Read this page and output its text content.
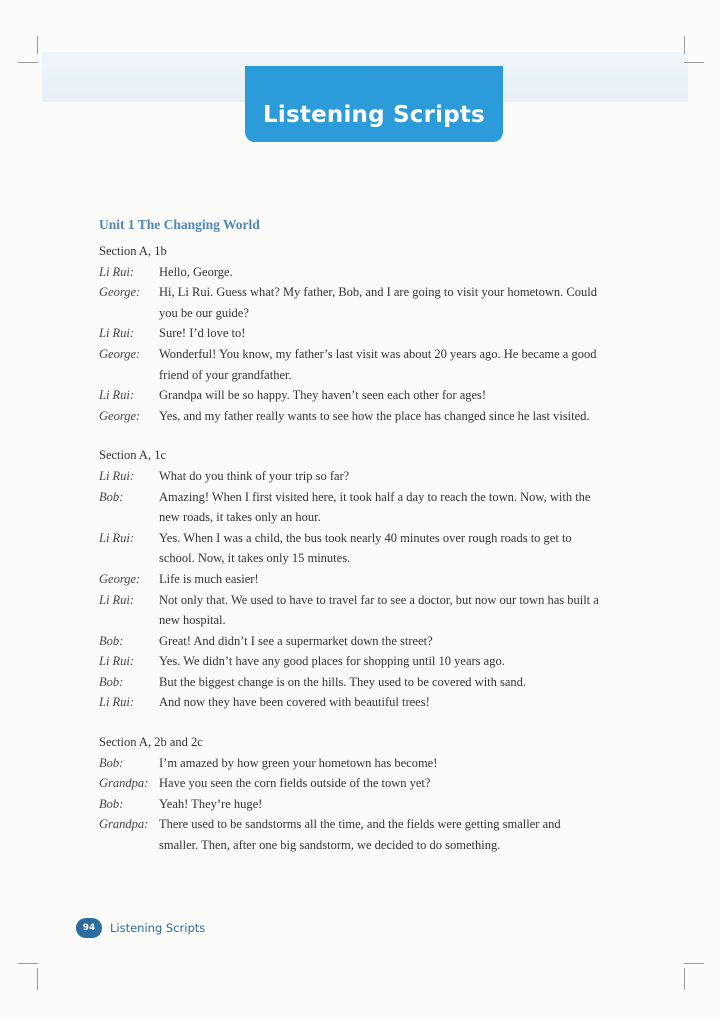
Listening Scripts
Unit 1 The Changing World
Section A, 1b
Li Rui:	Hello, George.
George:	Hi, Li Rui. Guess what? My father, Bob, and I are going to visit your hometown. Could you be our guide?
Li Rui:	Sure! I’d love to!
George:	Wonderful! You know, my father’s last visit was about 20 years ago. He became a good friend of your grandfather.
Li Rui:	Grandpa will be so happy. They haven’t seen each other for ages!
George:	Yes, and my father really wants to see how the place has changed since he last visited.
Section A, 1c
Li Rui:	What do you think of your trip so far?
Bob:	Amazing! When I first visited here, it took half a day to reach the town. Now, with the new roads, it takes only an hour.
Li Rui:	Yes. When I was a child, the bus took nearly 40 minutes over rough roads to get to school. Now, it takes only 15 minutes.
George:	Life is much easier!
Li Rui:	Not only that. We used to have to travel far to see a doctor, but now our town has built a new hospital.
Bob:	Great! And didn’t I see a supermarket down the street?
Li Rui:	Yes. We didn’t have any good places for shopping until 10 years ago.
Bob:	But the biggest change is on the hills. They used to be covered with sand.
Li Rui:	And now they have been covered with beautiful trees!
Section A, 2b and 2c
Bob:	I’m amazed by how green your hometown has become!
Grandpa: Have you seen the corn fields outside of the town yet?
Bob:	Yeah! They’re huge!
Grandpa: There used to be sandstorms all the time, and the fields were getting smaller and smaller. Then, after one big sandstorm, we decided to do something.
94	Listening Scripts
